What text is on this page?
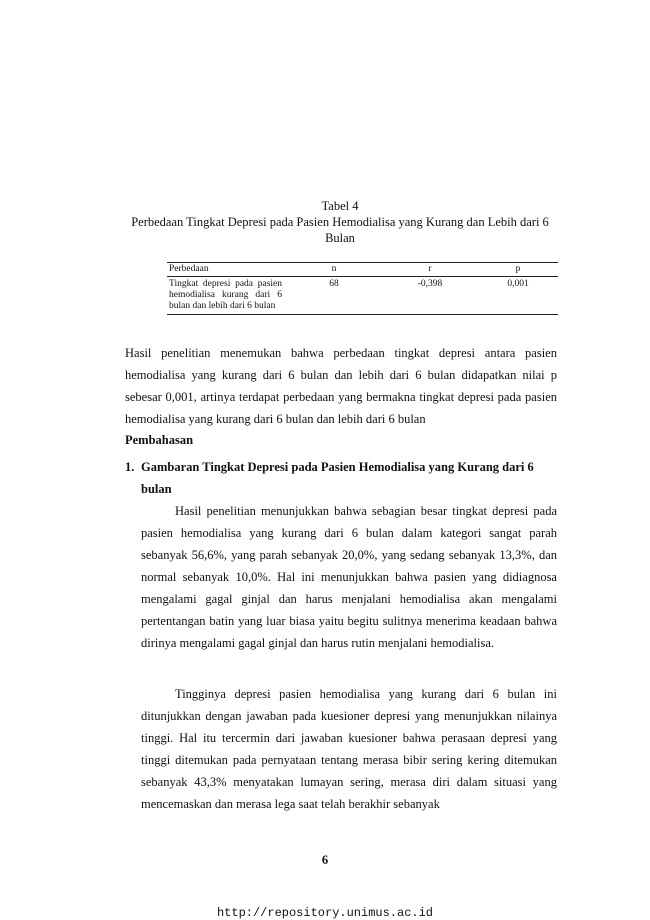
Tabel 4
Perbedaan Tingkat Depresi pada Pasien Hemodialisa yang Kurang dan Lebih dari 6 Bulan
Perbedaan	n	r	p
Tingkat depresi pada pasien hemodialisa kurang dari 6 bulan dan lebih dari 6 bulan	68	-0,398	0,001

Hasil penelitian menemukan bahwa perbedaan tingkat depresi antara pasien hemodialisa yang kurang dari 6 bulan dan lebih dari 6 bulan didapatkan nilai p sebesar 0,001, artinya terdapat perbedaan yang bermakna tingkat depresi pada pasien hemodialisa yang kurang dari 6 bulan dan lebih dari 6 bulan

Pembahasan
1. Gambaran Tingkat Depresi pada Pasien Hemodialisa yang Kurang dari 6 bulan

Hasil penelitian menunjukkan bahwa sebagian besar tingkat depresi pada pasien hemodialisa yang kurang dari 6 bulan dalam kategori sangat parah sebanyak 56,6%, yang parah sebanyak 20,0%, yang sedang sebanyak 13,3%, dan normal sebanyak 10,0%. Hal ini menunjukkan bahwa pasien yang didiagnosa mengalami gagal ginjal dan harus menjalani hemodialisa akan mengalami pertentangan batin yang luar biasa yaitu begitu sulitnya menerima keadaan bahwa dirinya mengalami gagal ginjal dan harus rutin menjalani hemodialisa.

Tingginya depresi pasien hemodialisa yang kurang dari 6 bulan ini ditunjukkan dengan jawaban pada kuesioner depresi yang menunjukkan nilainya tinggi. Hal itu tercermin dari jawaban kuesioner bahwa perasaan depresi yang tinggi ditemukan pada pernyataan tentang merasa bibir sering kering ditemukan sebanyak 43,3% menyatakan lumayan sering, merasa diri dalam situasi yang mencemaskan dan merasa lega saat telah berakhir sebanyak

6
http://repository.unimus.ac.id
